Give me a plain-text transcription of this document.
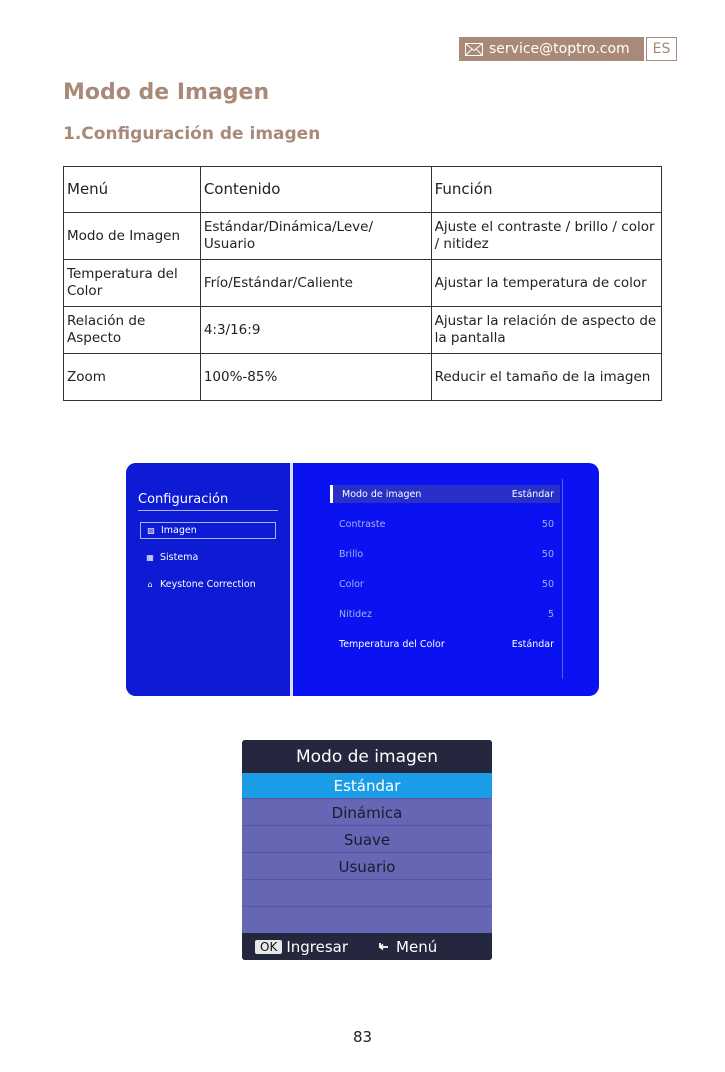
service@toptro.com	ES
Modo de Imagen
1.Configuración de imagen
Menú	Contenido	Función
Modo de Imagen	Estándar/Dinámica/Leve/ Usuario	Ajuste el contraste / brillo / color / nitidez
Temperatura del Color	Frío/Estándar/Caliente	Ajustar la temperatura de color
Relación de Aspecto	4:3/16:9	Ajustar la relación de aspecto de la pantalla
Zoom	100%-85%	Reducir el tamaño de la imagen
Configuración
▨ Imagen
▦ Sistema
⌂ Keystone Correction
Modo de imagen	Estándar
Contraste	50
Brillo	50
Color	50
Nitidez	5
Temperatura del Color	Estándar
Modo de imagen
Estándar
Dinámica
Suave
Usuario
OK Ingresar	Menú
83
